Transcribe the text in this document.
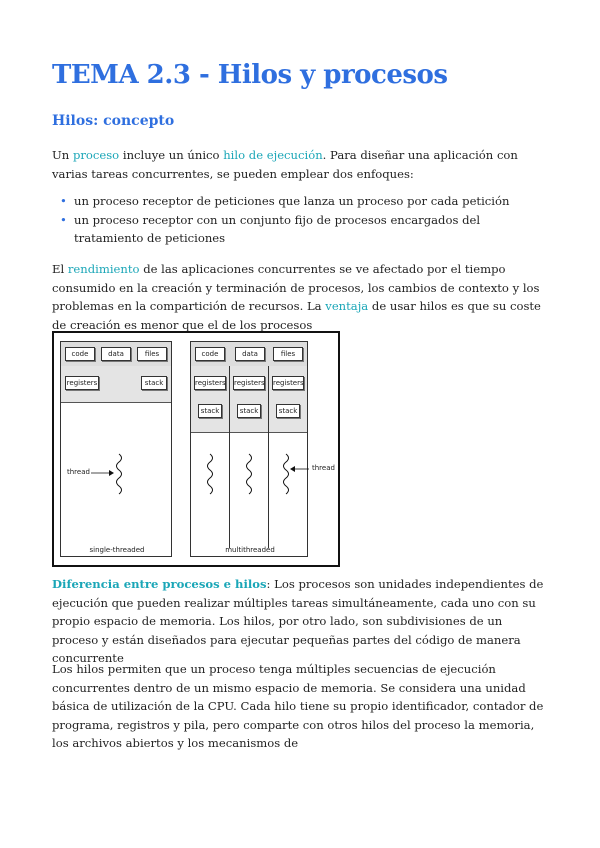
TEMA 2.3 - Hilos y procesos
Hilos: concepto

Un proceso incluye un único hilo de ejecución. Para diseñar una aplicación con varias tareas concurrentes, se pueden emplear dos enfoques:

• un proceso receptor de peticiones que lanza un proceso por cada petición
• un proceso receptor con un conjunto fijo de procesos encargados del tratamiento de peticiones

El rendimiento de las aplicaciones concurrentes se ve afectado por el tiempo consumido en la creación y terminación de procesos, los cambios de contexto y los problemas en la compartición de recursos. La ventaja de usar hilos es que su coste de creación es menor que el de los procesos

code	data	files
registers	stack
thread
single-threaded
code	data	files
registers registers registers
stack	stack	stack
multithreaded
thread

Diferencia entre procesos e hilos: Los procesos son unidades independientes de ejecución que pueden realizar múltiples tareas simultáneamente, cada uno con su propio espacio de memoria. Los hilos, por otro lado, son subdivisiones de un proceso y están diseñados para ejecutar pequeñas partes del código de manera concurrente

Los hilos permiten que un proceso tenga múltiples secuencias de ejecución concurrentes dentro de un mismo espacio de memoria. Se considera una unidad básica de utilización de la CPU. Cada hilo tiene su propio identificador, contador de programa, registros y pila, pero comparte con otros hilos del proceso la memoria, los archivos abiertos y los mecanismos de
